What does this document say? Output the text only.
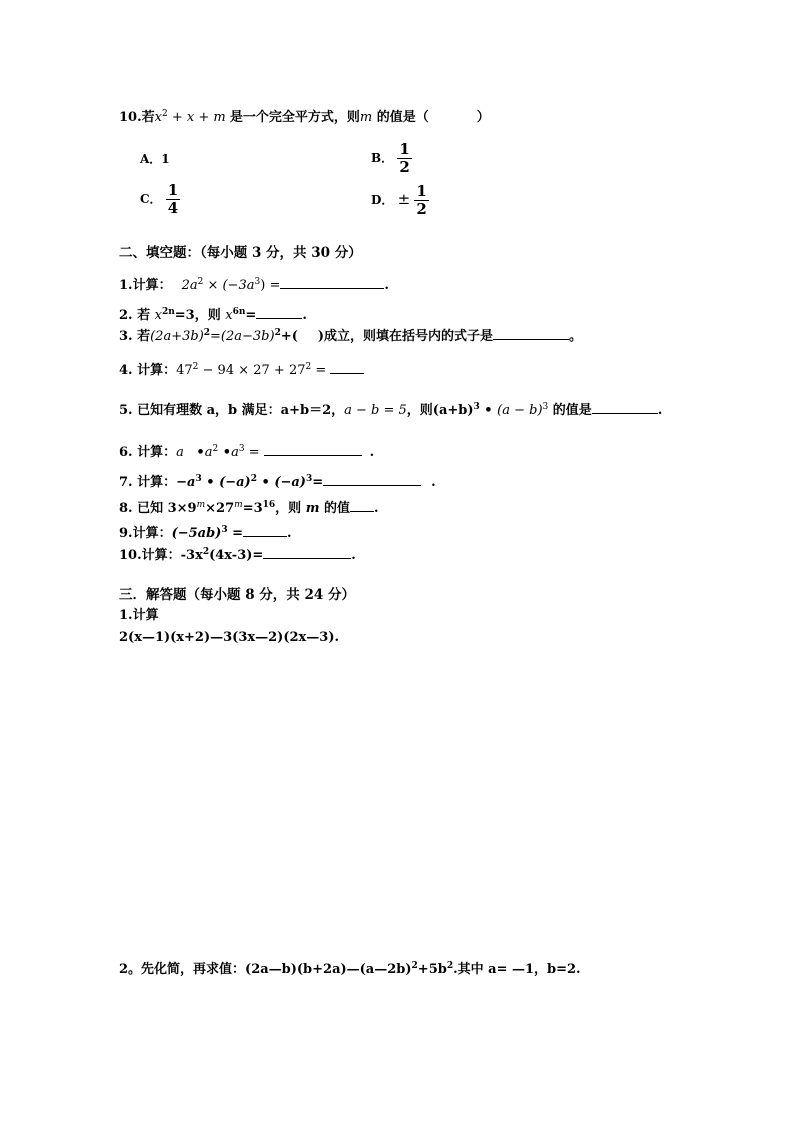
10.若$x^2 + x + m$ 是一个完全平方式，则m 的值是（	）
A．1	B． $\frac{1}{2}$
C． $\frac{1}{4}$	D． ± $\frac{1}{2}$
二、填空题：（每小题 3 分，共 30 分）
1.计算： $2a^2 \times (-3a^3)$ =	.
2. 若 $x^{2n}=3$，则 $x^{6n}=$	.
3. 若$(2a+3b)^2=(2a-3b)^2+$( )成立，则填在括号内的式子是	。
4. 计算：$47^2 - 94 \times 27 + 27^2$ =
5. 已知有理数 a，b 满足：a+b＝2，a − b = 5，则$(a+b)^3$ • $(a - b)^3$ 的值是	.
6. 计算：a $•a^2$ $•a^3$ =	.
7. 计算：$-a^3$ • $(-a)^2$ • $(-a)^3=$	.
8. 已知 $3\times 9^m\times 27^m=3^{16}$，则 m 的值 .
9.计算：$(-5ab)^3$ =	.
10.计算：$-3x^2(4x-3)=$	.
三．解答题（每小题 8 分，共 24 分）
1.计算
2(x—1)(x+2)—3(3x—2)(2x—3).
2。先化简，再求值：$(2a—b)(b+2a)—(a—2b)^2+5b^2$.其中 a= —1，b=2.
